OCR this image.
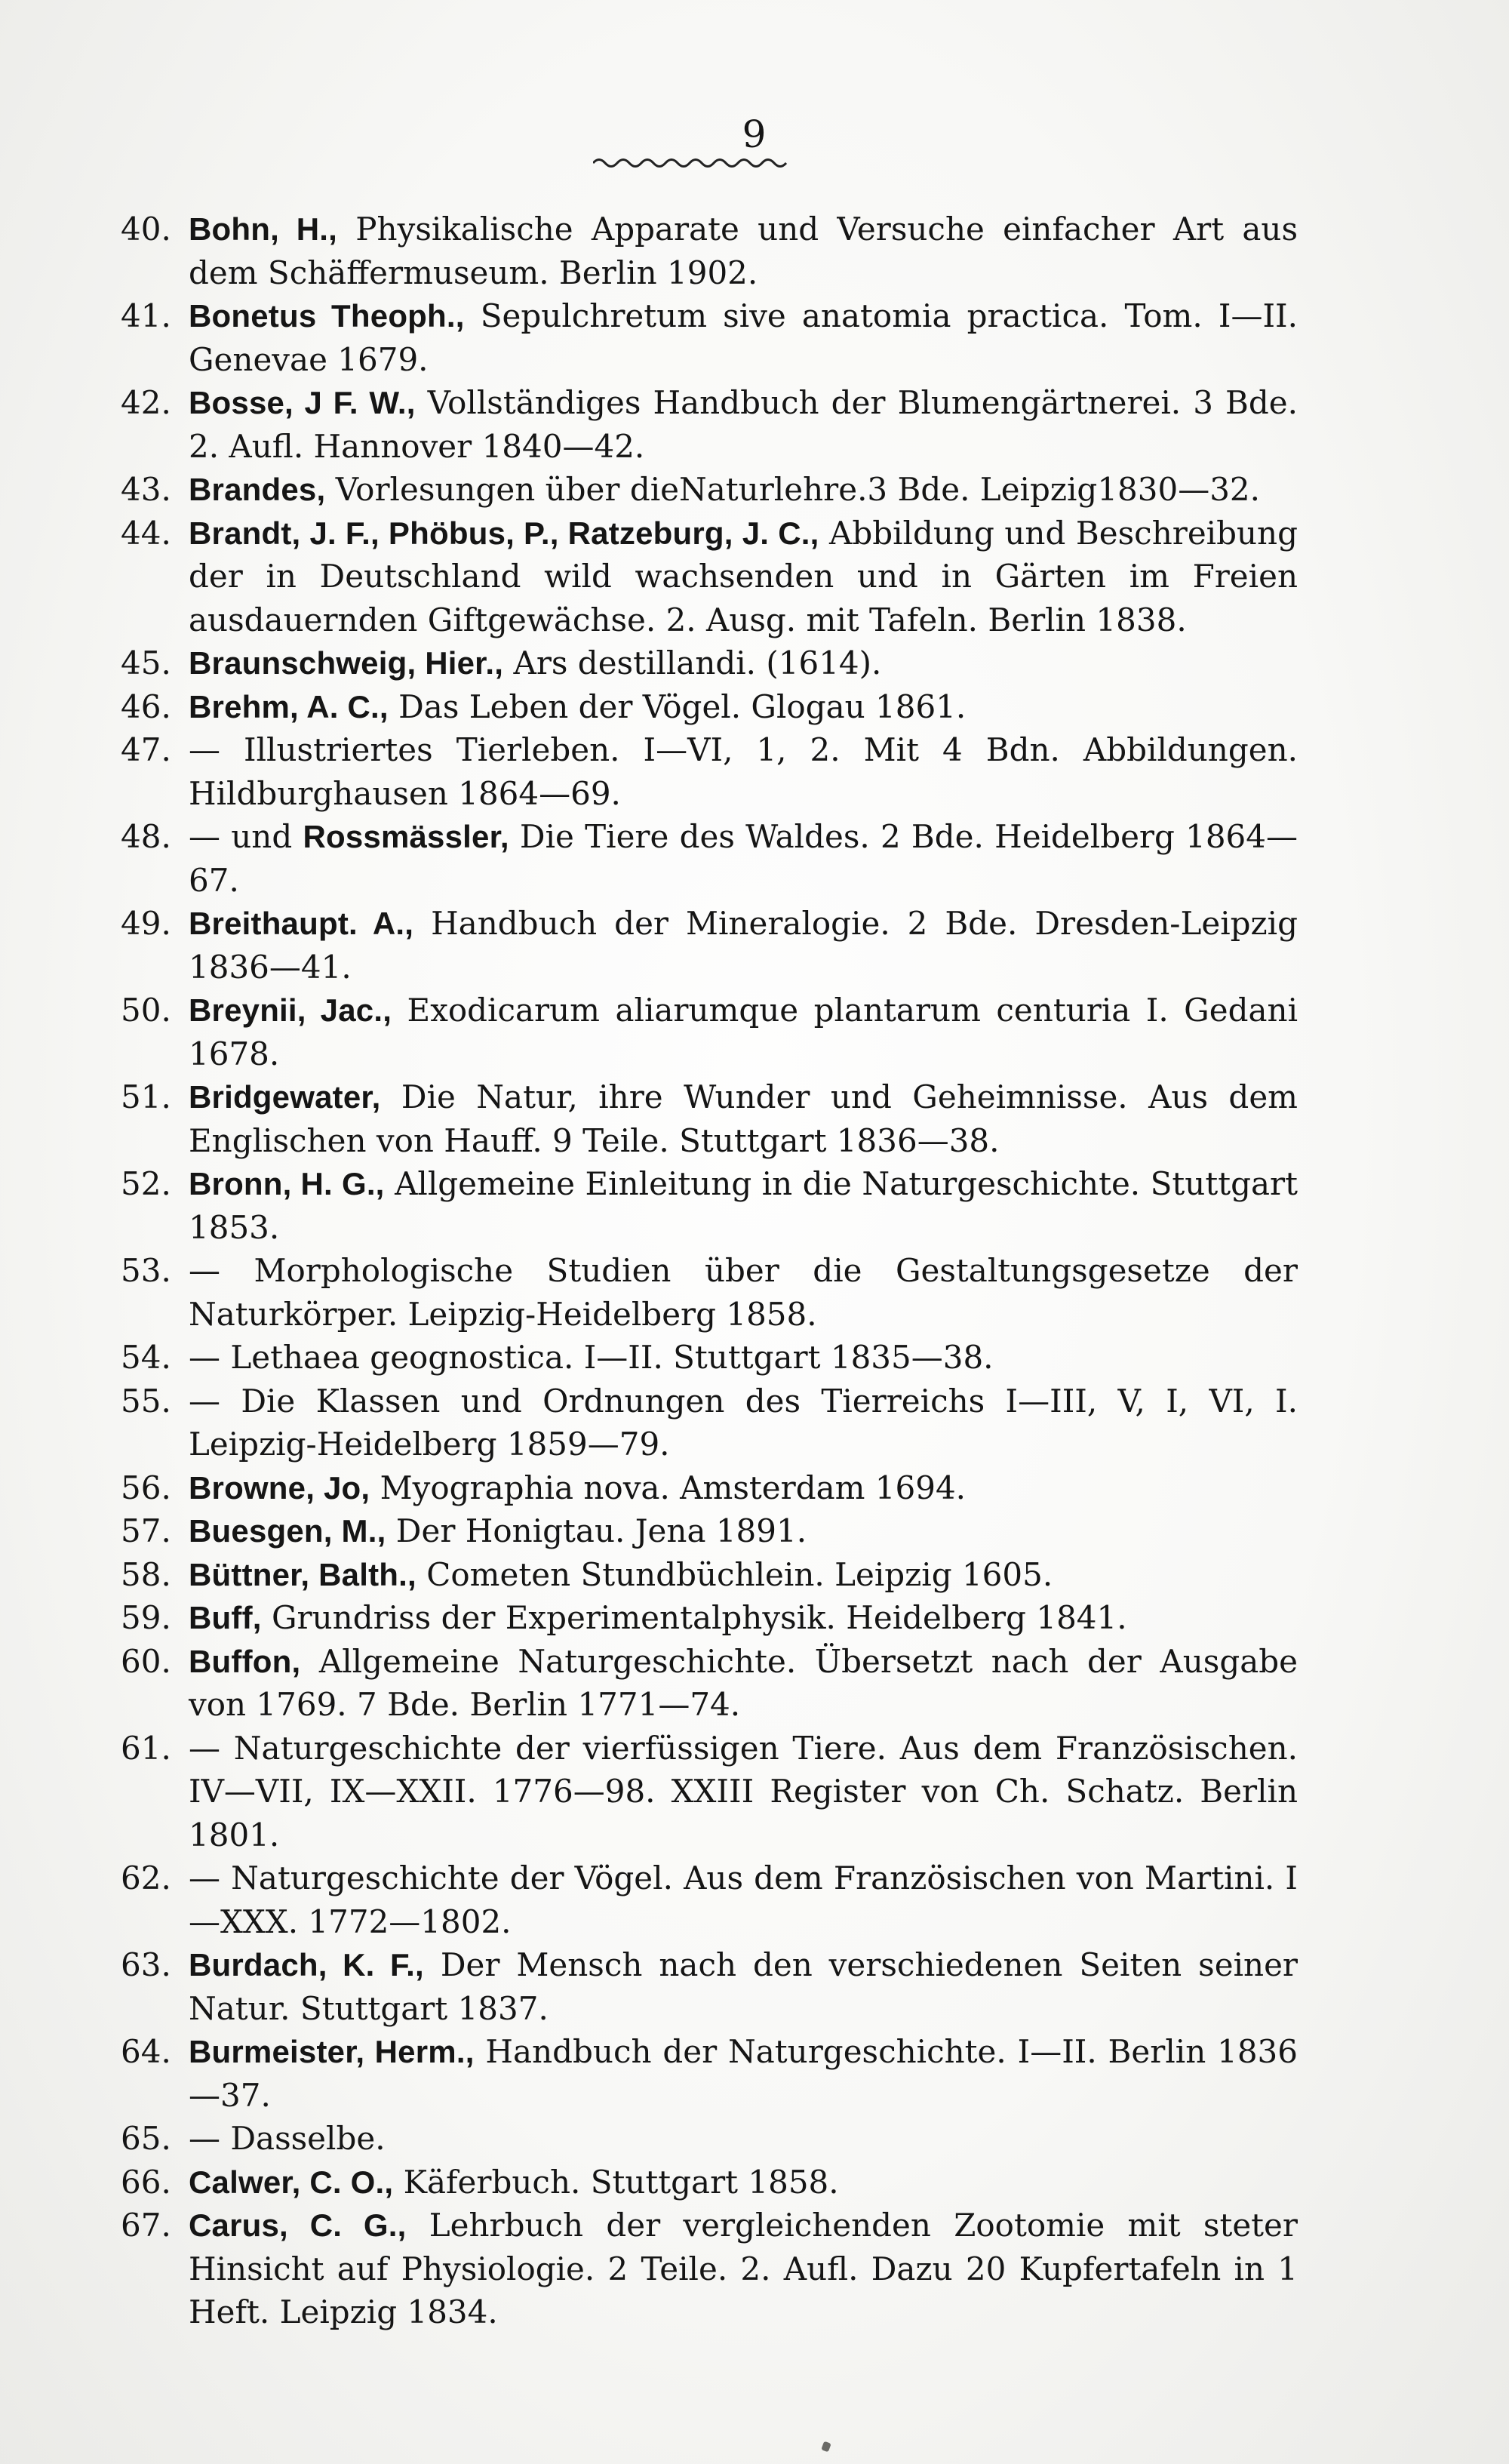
9
40. Bohn, H., Physikalische Apparate und Versuche einfacher Art aus dem Schäffermuseum. Berlin 1902.
41. Bonetus Theoph., Sepulchretum sive anatomia practica. Tom. I—II. Genevae 1679.
42. Bosse, J F. W., Vollständiges Handbuch der Blumengärtnerei. 3 Bde. 2. Aufl. Hannover 1840—42.
43. Brandes, Vorlesungen über dieNaturlehre.3 Bde. Leipzig1830—32.
44. Brandt, J. F., Phöbus, P., Ratzeburg, J. C., Abbildung und Beschreibung der in Deutschland wild wachsenden und in Gärten im Freien ausdauernden Giftgewächse. 2. Ausg. mit Tafeln. Berlin 1838.
45. Braunschweig, Hier., Ars destillandi. (1614).
46. Brehm, A. C., Das Leben der Vögel. Glogau 1861.
47. — Illustriertes Tierleben. I—VI, 1, 2. Mit 4 Bdn. Abbildungen. Hildburghausen 1864—69.
48. — und Rossmässler, Die Tiere des Waldes. 2 Bde. Heidelberg 1864—67.
49. Breithaupt. A., Handbuch der Mineralogie. 2 Bde. Dresden-Leipzig 1836—41.
50. Breynii, Jac., Exodicarum aliarumque plantarum centuria I. Gedani 1678.
51. Bridgewater, Die Natur, ihre Wunder und Geheimnisse. Aus dem Englischen von Hauff. 9 Teile. Stuttgart 1836—38.
52. Bronn, H. G., Allgemeine Einleitung in die Naturgeschichte. Stuttgart 1853.
53. — Morphologische Studien über die Gestaltungsgesetze der Naturkörper. Leipzig-Heidelberg 1858.
54. — Lethaea geognostica. I—II. Stuttgart 1835—38.
55. — Die Klassen und Ordnungen des Tierreichs I—III, V, I, VI, I. Leipzig-Heidelberg 1859—79.
56. Browne, Jo, Myographia nova. Amsterdam 1694.
57. Buesgen, M., Der Honigtau. Jena 1891.
58. Büttner, Balth., Cometen Stundbüchlein. Leipzig 1605.
59. Buff, Grundriss der Experimentalphysik. Heidelberg 1841.
60. Buffon, Allgemeine Naturgeschichte. Übersetzt nach der Ausgabe von 1769. 7 Bde. Berlin 1771—74.
61. — Naturgeschichte der vierfüssigen Tiere. Aus dem Französischen. IV—VII, IX—XXII. 1776—98. XXIII Register von Ch. Schatz. Berlin 1801.
62. — Naturgeschichte der Vögel. Aus dem Französischen von Martini. I—XXX. 1772—1802.
63. Burdach, K. F., Der Mensch nach den verschiedenen Seiten seiner Natur. Stuttgart 1837.
64. Burmeister, Herm., Handbuch der Naturgeschichte. I—II. Berlin 1836—37.
65. — Dasselbe.
66. Calwer, C. O., Käferbuch. Stuttgart 1858.
67. Carus, C. G., Lehrbuch der vergleichenden Zootomie mit steter Hinsicht auf Physiologie. 2 Teile. 2. Aufl. Dazu 20 Kupfertafeln in 1 Heft. Leipzig 1834.
